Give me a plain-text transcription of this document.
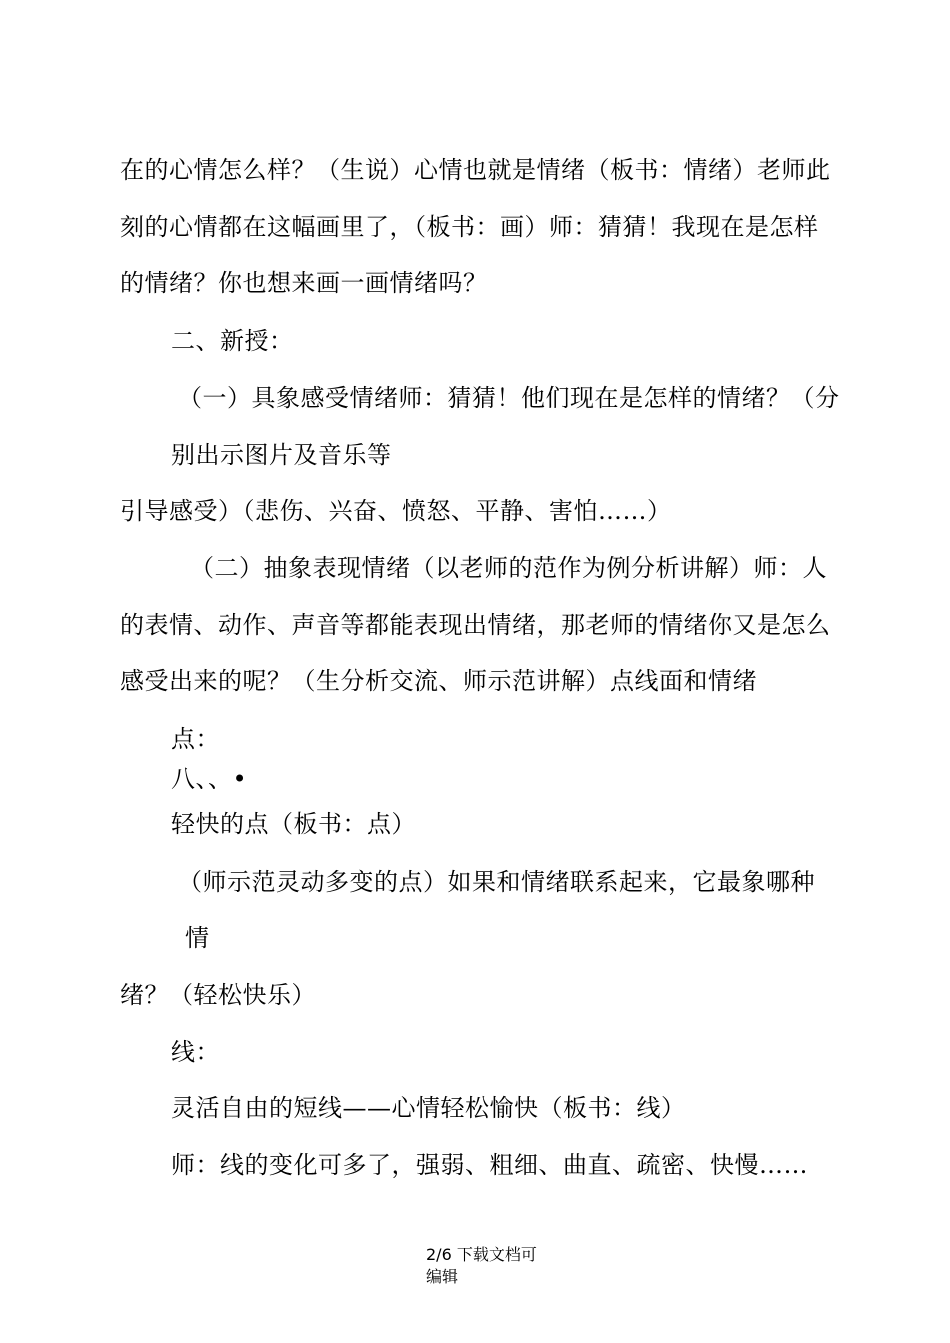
在的心情怎么样？（生说）心情也就是情绪（板书：情绪）老师此
刻的心情都在这幅画里了，（板书：画）师：猜猜！我现在是怎样
的情绪？你也想来画一画情绪吗？
二、新授：
（一）具象感受情绪师：猜猜！他们现在是怎样的情绪？（分
别出示图片及音乐等
引导感受）（悲伤、兴奋、愤怒、平静、害怕……）
（二）抽象表现情绪（以老师的范作为例分析讲解）师：人
的表情、动作、声音等都能表现出情绪，那老师的情绪你又是怎么
感受出来的呢？（生分析交流、师示范讲解）点线面和情绪
点：
八、、•
轻快的点（板书：点）
（师示范灵动多变的点）如果和情绪联系起来，它最象哪种
情
绪？（轻松快乐）
线：
灵活自由的短线——心情轻松愉快（板书：线）
师：线的变化可多了，强弱、粗细、曲直、疏密、快慢……
2/6 下载文档可
编辑
